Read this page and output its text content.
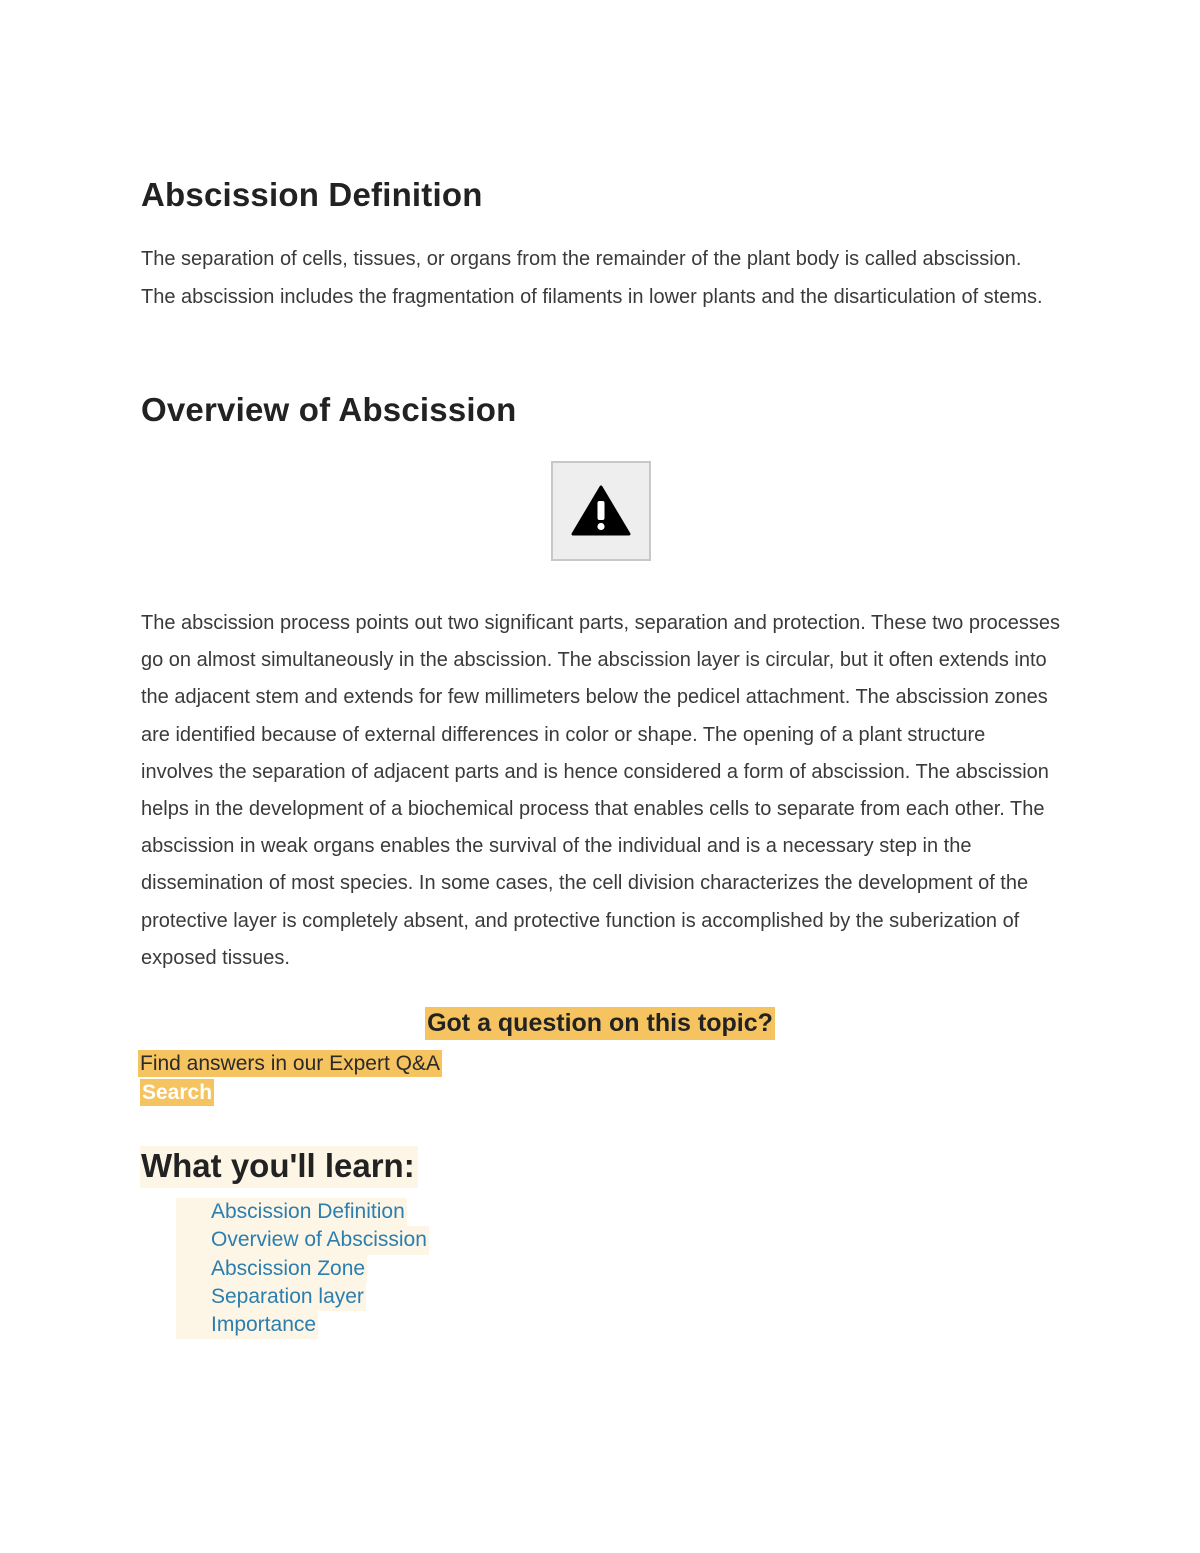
Abscission Definition

The separation of cells, tissues, or organs from the remainder of the plant body is called abscission. The abscission includes the fragmentation of filaments in lower plants and the disarticulation of stems.

Overview of Abscission

The abscission process points out two significant parts, separation and protection. These two processes go on almost simultaneously in the abscission. The abscission layer is circular, but it often extends into the adjacent stem and extends for few millimeters below the pedicel attachment. The abscission zones are identified because of external differences in color or shape. The opening of a plant structure involves the separation of adjacent parts and is hence considered a form of abscission. The abscission helps in the development of a biochemical process that enables cells to separate from each other. The abscission in weak organs enables the survival of the individual and is a necessary step in the dissemination of most species. In some cases, the cell division characterizes the development of the protective layer is completely absent, and protective function is accomplished by the suberization of exposed tissues.

Got a question on this topic?
Find answers in our Expert Q&A
Search
What you'll learn:
Abscission Definition
Overview of Abscission
Abscission Zone
Separation layer
Importance
